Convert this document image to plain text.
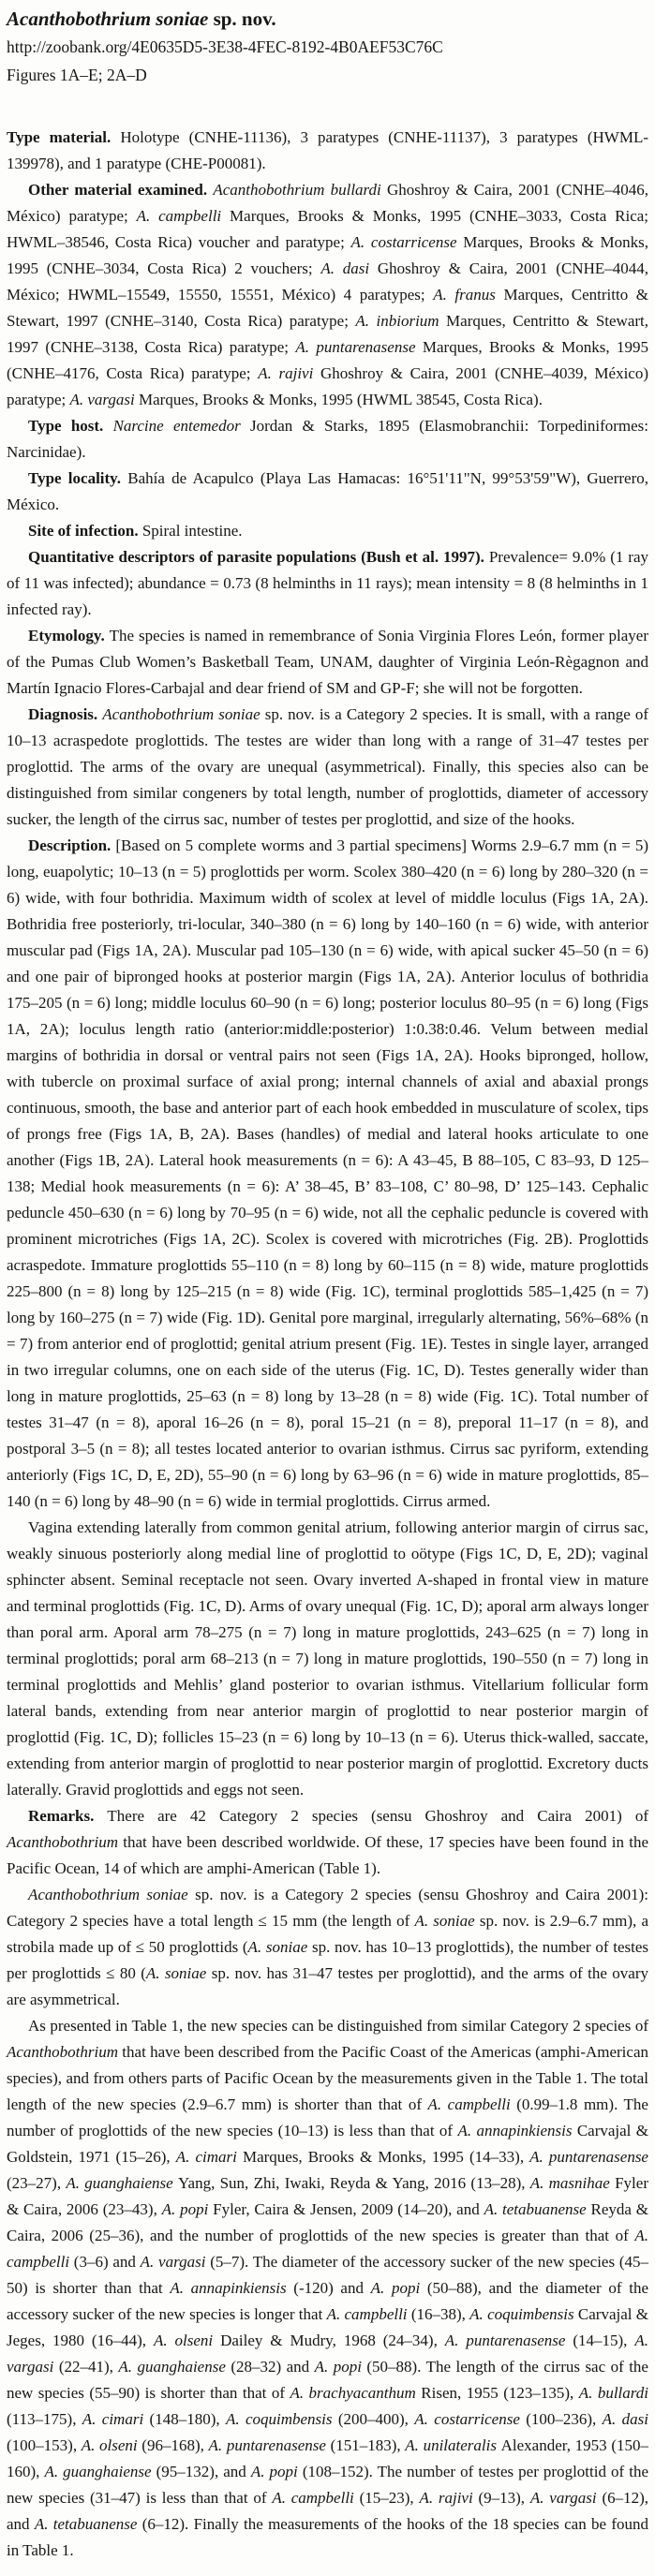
Acanthobothrium soniae sp. nov.
http://zoobank.org/4E0635D5-3E38-4FEC-8192-4B0AEF53C76C
Figures 1A–E; 2A–D

Type material. Holotype (CNHE-11136), 3 paratypes (CNHE-11137), 3 paratypes (HWML-139978), and 1 paratype (CHE-P00081).

Other material examined. Acanthobothrium bullardi Ghoshroy & Caira, 2001 (CNHE–4046, México) paratype; A. campbelli Marques, Brooks & Monks, 1995 (CNHE–3033, Costa Rica; HWML–38546, Costa Rica) voucher and paratype; A. costarricense Marques, Brooks & Monks, 1995 (CNHE–3034, Costa Rica) 2 vouchers; A. dasi Ghoshroy & Caira, 2001 (CNHE–4044, México; HWML–15549, 15550, 15551, México) 4 paratypes; A. franus Marques, Centritto & Stewart, 1997 (CNHE–3140, Costa Rica) paratype; A. inbiorium Marques, Centritto & Stewart, 1997 (CNHE–3138, Costa Rica) paratype; A. puntarenasense Marques, Brooks & Monks, 1995 (CNHE–4176, Costa Rica) paratype; A. rajivi Ghoshroy & Caira, 2001 (CNHE–4039, México) paratype; A. vargasi Marques, Brooks & Monks, 1995 (HWML 38545, Costa Rica).

Type host. Narcine entemedor Jordan & Starks, 1895 (Elasmobranchii: Torpediniformes: Narcinidae).

Type locality. Bahía de Acapulco (Playa Las Hamacas: 16°51'11"N, 99°53'59"W), Guerrero, México.

Site of infection. Spiral intestine.

Quantitative descriptors of parasite populations (Bush et al. 1997). Prevalence= 9.0% (1 ray of 11 was infected); abundance = 0.73 (8 helminths in 11 rays); mean intensity = 8 (8 helminths in 1 infected ray).

Etymology. The species is named in remembrance of Sonia Virginia Flores León, former player of the Pumas Club Women’s Basketball Team, UNAM, daughter of Virginia León-Règagnon and Martín Ignacio Flores-Carbajal and dear friend of SM and GP-F; she will not be forgotten.

Diagnosis. Acanthobothrium soniae sp. nov. is a Category 2 species. It is small, with a range of 10–13 acraspedote proglottids. The testes are wider than long with a range of 31–47 testes per proglottid. The arms of the ovary are unequal (asymmetrical). Finally, this species also can be distinguished from similar congeners by total length, number of proglottids, diameter of accessory sucker, the length of the cirrus sac, number of testes per proglottid, and size of the hooks.

Description. [Based on 5 complete worms and 3 partial specimens] Worms 2.9–6.7 mm (n = 5) long, euapolytic; 10–13 (n = 5) proglottids per worm. Scolex 380–420 (n = 6) long by 280–320 (n = 6) wide, with four bothridia. Maximum width of scolex at level of middle loculus (Figs 1A, 2A). Bothridia free posteriorly, tri-locular, 340–380 (n = 6) long by 140–160 (n = 6) wide, with anterior muscular pad (Figs 1A, 2A). Muscular pad 105–130 (n = 6) wide, with apical sucker 45–50 (n = 6) and one pair of bipronged hooks at posterior margin (Figs 1A, 2A). Anterior loculus of bothridia 175–205 (n = 6) long; middle loculus 60–90 (n = 6) long; posterior loculus 80–95 (n = 6) long (Figs 1A, 2A); loculus length ratio (anterior:middle:posterior) 1:0.38:0.46. Velum between medial margins of bothridia in dorsal or ventral pairs not seen (Figs 1A, 2A). Hooks bipronged, hollow, with tubercle on proximal surface of axial prong; internal channels of axial and abaxial prongs continuous, smooth, the base and anterior part of each hook embedded in musculature of scolex, tips of prongs free (Figs 1A, B, 2A). Bases (handles) of medial and lateral hooks articulate to one another (Figs 1B, 2A). Lateral hook measurements (n = 6): A 43–45, B 88–105, C 83–93, D 125–138; Medial hook measurements (n = 6): A’ 38–45, B’ 83–108, C’ 80–98, D’ 125–143. Cephalic peduncle 450–630 (n = 6) long by 70–95 (n = 6) wide, not all the cephalic peduncle is covered with prominent microtriches (Figs 1A, 2C). Scolex is covered with microtriches (Fig. 2B). Proglottids acraspedote. Immature proglottids 55–110 (n = 8) long by 60–115 (n = 8) wide, mature proglottids 225–800 (n = 8) long by 125–215 (n = 8) wide (Fig. 1C), terminal proglottids 585–1,425 (n = 7) long by 160–275 (n = 7) wide (Fig. 1D). Genital pore marginal, irregularly alternating, 56%–68% (n = 7) from anterior end of proglottid; genital atrium present (Fig. 1E). Testes in single layer, arranged in two irregular columns, one on each side of the uterus (Fig. 1C, D). Testes generally wider than long in mature proglottids, 25–63 (n = 8) long by 13–28 (n = 8) wide (Fig. 1C). Total number of testes 31–47 (n = 8), aporal 16–26 (n = 8), poral 15–21 (n = 8), preporal 11–17 (n = 8), and postporal 3–5 (n = 8); all testes located anterior to ovarian isthmus. Cirrus sac pyriform, extending anteriorly (Figs 1C, D, E, 2D), 55–90 (n = 6) long by 63–96 (n = 6) wide in mature proglottids, 85–140 (n = 6) long by 48–90 (n = 6) wide in termial proglottids. Cirrus armed.

Vagina extending laterally from common genital atrium, following anterior margin of cirrus sac, weakly sinuous posteriorly along medial line of proglottid to oötype (Figs 1C, D, E, 2D); vaginal sphincter absent. Seminal receptacle not seen. Ovary inverted A-shaped in frontal view in mature and terminal proglottids (Fig. 1C, D). Arms of ovary unequal (Fig. 1C, D); aporal arm always longer than poral arm. Aporal arm 78–275 (n = 7) long in mature proglottids, 243–625 (n = 7) long in terminal proglottids; poral arm 68–213 (n = 7) long in mature proglottids, 190–550 (n = 7) long in terminal proglottids and Mehlis’ gland posterior to ovarian isthmus. Vitellarium follicular form lateral bands, extending from near anterior margin of proglottid to near posterior margin of proglottid (Fig. 1C, D); follicles 15–23 (n = 6) long by 10–13 (n = 6). Uterus thick-walled, saccate, extending from anterior margin of proglottid to near posterior margin of proglottid. Excretory ducts laterally. Gravid proglottids and eggs not seen.

Remarks. There are 42 Category 2 species (sensu Ghoshroy and Caira 2001) of Acanthobothrium that have been described worldwide. Of these, 17 species have been found in the Pacific Ocean, 14 of which are amphi-American (Table 1).

Acanthobothrium soniae sp. nov. is a Category 2 species (sensu Ghoshroy and Caira 2001): Category 2 species have a total length ≤ 15 mm (the length of A. soniae sp. nov. is 2.9–6.7 mm), a strobila made up of ≤ 50 proglottids (A. soniae sp. nov. has 10–13 proglottids), the number of testes per proglottids ≤ 80 (A. soniae sp. nov. has 31–47 testes per proglottid), and the arms of the ovary are asymmetrical.

As presented in Table 1, the new species can be distinguished from similar Category 2 species of Acanthobothrium that have been described from the Pacific Coast of the Americas (amphi-American species), and from others parts of Pacific Ocean by the measurements given in the Table 1. The total length of the new species (2.9–6.7 mm) is shorter than that of A. campbelli (0.99–1.8 mm). The number of proglottids of the new species (10–13) is less than that of A. annapinkiensis Carvajal & Goldstein, 1971 (15–26), A. cimari Marques, Brooks & Monks, 1995 (14–33), A. puntarenasense (23–27), A. guanghaiense Yang, Sun, Zhi, Iwaki, Reyda & Yang, 2016 (13–28), A. masnihae Fyler & Caira, 2006 (23–43), A. popi Fyler, Caira & Jensen, 2009 (14–20), and A. tetabuanense Reyda & Caira, 2006 (25–36), and the number of proglottids of the new species is greater than that of A. campbelli (3–6) and A. vargasi (5–7). The diameter of the accessory sucker of the new species (45–50) is shorter than that A. annapinkiensis (-120) and A. popi (50–88), and the diameter of the accessory sucker of the new species is longer that A. campbelli (16–38), A. coquimbensis Carvajal & Jeges, 1980 (16–44), A. olseni Dailey & Mudry, 1968 (24–34), A. puntarenasense (14–15), A. vargasi (22–41), A. guanghaiense (28–32) and A. popi (50–88). The length of the cirrus sac of the new species (55–90) is shorter than that of A. brachyacanthum Risen, 1955 (123–135), A. bullardi (113–175), A. cimari (148–180), A. coquimbensis (200–400), A. costarricense (100–236), A. dasi (100–153), A. olseni (96–168), A. puntarenasense (151–183), A. unilateralis Alexander, 1953 (150–160), A. guanghaiense (95–132), and A. popi (108–152). The number of testes per proglottid of the new species (31–47) is less than that of A. campbelli (15–23), A. rajivi (9–13), A. vargasi (6–12), and A. tetabuanense (6–12). Finally the measurements of the hooks of the 18 species can be found in Table 1.
